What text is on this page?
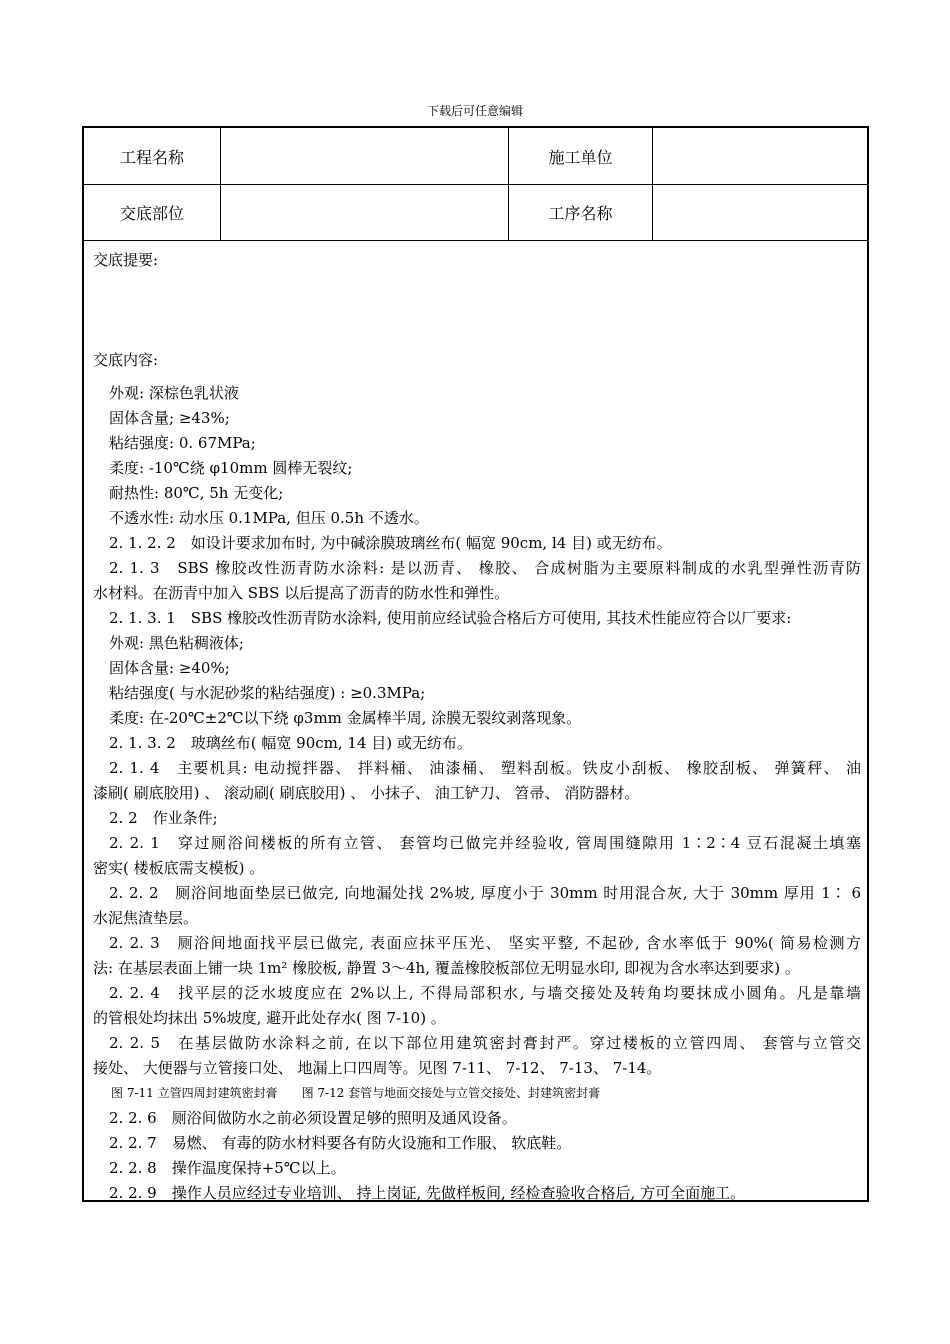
下载后可任意编辑
工程名称	施工单位
交底部位	工序名称
交底提要:
交底内容:
外观: 深棕色乳状液
固体含量; ≥43%;
粘结强度: 0. 67MPa;
柔度: -10℃绕 φ10mm 圆棒无裂纹;
耐热性: 80℃, 5h 无变化;
不透水性: 动水压 0.1MPa, 但压 0.5h 不透水。
2. 1. 2. 2　如设计要求加布时, 为中碱涂膜玻璃丝布( 幅宽 90cm, l4 目) 或无纺布。
2. 1. 3　SBS 橡胶改性沥青防水涂料: 是以沥青、 橡胶、 合成树脂为主要原料制成的水乳型弹性沥青防
水材料。在沥青中加入 SBS 以后提高了沥青的防水性和弹性。
2. 1. 3. 1　SBS 橡胶改性沥青防水涂料, 使用前应经试验合格后方可使用, 其技术性能应符合以厂要求:
外观: 黑色粘稠液体;
固体含量: ≥40%;
粘结强度( 与水泥砂浆的粘结强度) : ≥0.3MPa;
柔度: 在-20℃±2℃以下绕 φ3mm 金属棒半周, 涂膜无裂纹剥落现象。
2. 1. 3. 2　玻璃丝布( 幅宽 90cm, 14 目) 或无纺布。
2. 1. 4　主要机具: 电动搅拌器、 拌料桶、 油漆桶、 塑料刮板。铁皮小刮板、 橡胶刮板、 弹簧秤、 油
漆刷( 刷底胶用) 、 滚动刷( 刷底胶用) 、 小抹子、 油工铲刀、 笤帚、 消防器材。
2. 2　作业条件;
2. 2. 1　穿过厕浴间楼板的所有立管、 套管均已做完并经验收, 管周围缝隙用 1∶2∶4 豆石混凝土填塞
密实( 楼板底需支模板) 。
2. 2. 2　厕浴间地面垫层已做完, 向地漏处找 2%坡, 厚度小于 30mm 时用混合灰, 大于 30mm 厚用 1∶ 6
水泥焦渣垫层。
2. 2. 3　厕浴间地面找平层已做完, 表面应抹平压光、 坚实平整, 不起砂, 含水率低于 90%( 简易检测方
法: 在基层表面上铺一块 1m² 橡胶板, 静置 3～4h, 覆盖橡胶板部位无明显水印, 即视为含水率达到要求) 。
2. 2. 4　找平层的泛水坡度应在 2%以上, 不得局部积水, 与墙交接处及转角均要抹成小圆角。凡是靠墙
的管根处均抹出 5%坡度, 避开此处存水( 图 7-10) 。
2. 2. 5　在基层做防水涂料之前, 在以下部位用建筑密封膏封严。穿过楼板的立管四周、 套管与立管交
接处、 大便器与立管接口处、 地漏上口四周等。见图 7-11、 7-12、 7-13、 7-14。
图 7-11 立管四周封建筑密封膏　　图 7-12 套管与地面交接处与立管交接处、封建筑密封膏
2. 2. 6　厕浴间做防水之前必须设置足够的照明及通风设备。
2. 2. 7　易燃、 有毒的防水材料要各有防火设施和工作服、 软底鞋。
2. 2. 8　操作温度保持+5℃以上。
2. 2. 9　操作人员应经过专业培训、 持上岗证, 先做样板间, 经检查验收合格后, 方可全面施工。
